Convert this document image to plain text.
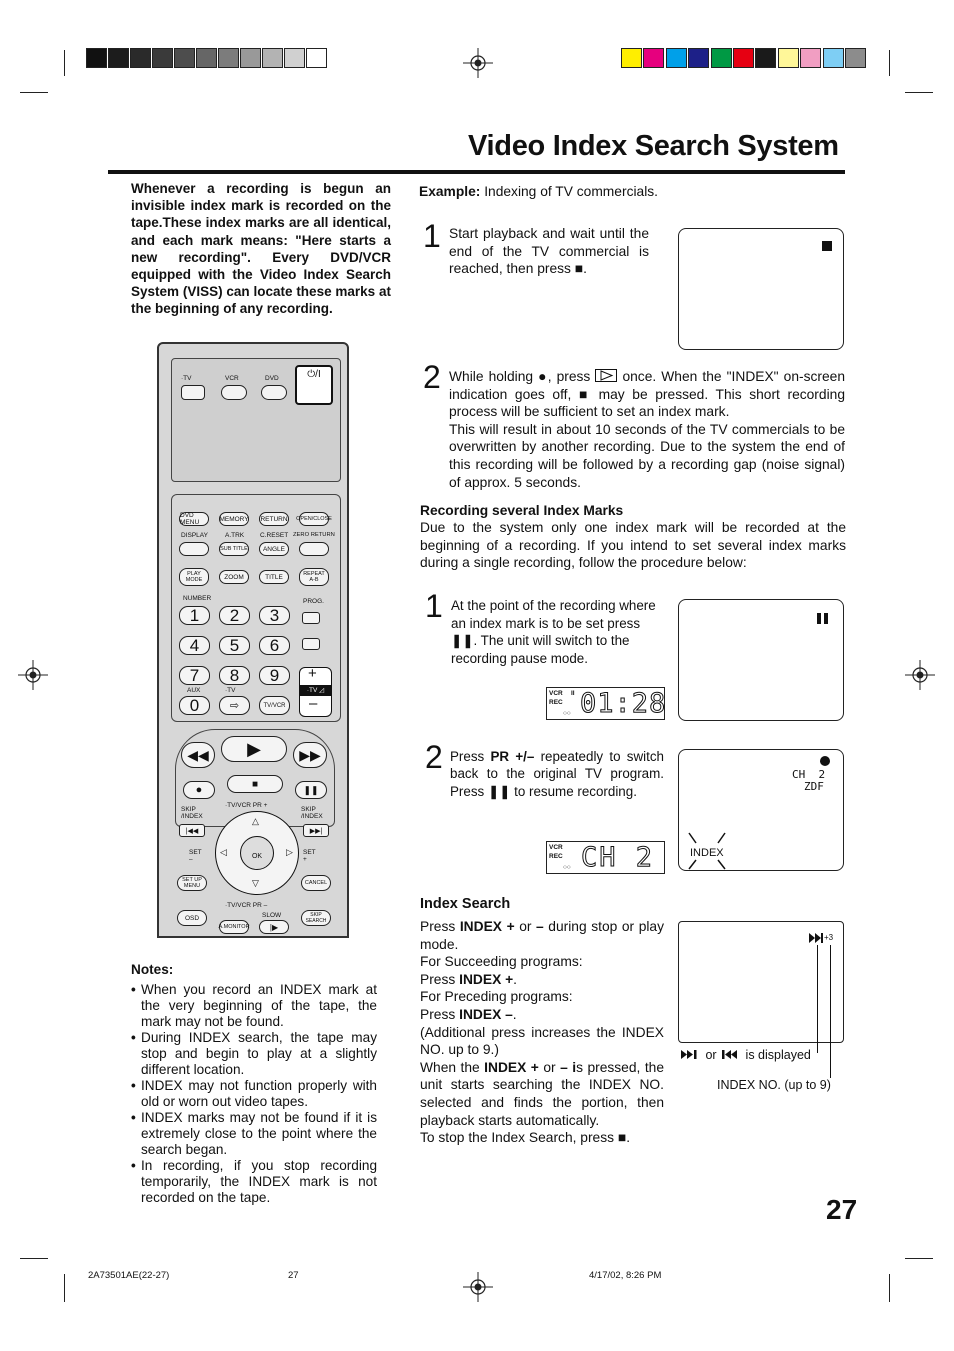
Video Index Search System
Whenever a recording is begun an invisible index mark is recorded on the tape.These index marks are all identical, and each mark means: "Here starts a new recording". Every DVD/VCR equipped with the Video Index Search System (VISS) can locate these marks at the beginning of any recording.
Example: Indexing of TV commercials.
1 Start playback and wait until the end of the TV commercial is reached, then press ■.
2 While holding ●, press  once. When the "INDEX" on-screen indication goes off, ■ may be pressed. This short recording process will be sufficient to set an index mark.
This will result in about 10 seconds of the TV commercials to be overwritten by another recording. Due to the system the end of this recording will be followed by a recording gap (noise signal) of approx. 5 seconds.
Recording several Index Marks
Due to the system only one index mark will be recorded at the beginning of a recording. If you intend to set several index marks during a single recording, follow the procedure below:
1 At the point of the recording where an index mark is to be set press ❚❚. The unit will switch to the recording pause mode.
VCR
REC
II
○○ 01:28
2 Press PR +/– repeatedly to switch back to the original TV program. Press ❚❚ to resume recording.
CH  2
ZDF
INDEX
VCR
REC
○○ CH 2
Index Search
Press INDEX + or – during stop or play mode.
For Succeeding programs:
Press INDEX +.
For Preceding programs:
Press INDEX –.
(Additional press increases the INDEX NO. up to 9.)
When the INDEX + or – is pressed, the unit starts searching the INDEX NO. selected and finds the portion, then playback starts automatically.
To stop the Index Search, press ■.
+3
or  is displayed
INDEX NO. (up to 9)
·TV	VCR	DVD	⏻/I
DVD MENU	MEMORY RETURN OPEN/CLOSE
DISPLAY	A.TRK C.RESET ZERO RETURN
SUB TITLE	ANGLE
PLAY MODE	ZOOM	TITLE	REPEAT A-B
NUMBER	PROG.
AUX	·TV
⇨	TV/VCR
+
·TV ◿
–
◀◀	▶	▶▶
●	■	❚❚
SKIP /INDEX
SKIP /INDEX
·TV/VCR PR +
|◀◀	▶▶|
△
▽
◁	▷
OK
SET –
SET +
SET UP MENU	CANCEL
·TV/VCR PR –
SLOW
OSD
A.MONITOR	|▶
SKIP SEARCH
1	2	3
4	5	6
7	8	9
0
Notes:
• When you record an INDEX mark at the very beginning of the tape, the mark may not be found.
• During INDEX search, the tape may stop and begin to play at a slightly different location.
• INDEX may not function properly with old or worn out video tapes.
• INDEX marks may not be found if it is extremely close to the point where the search began.
• In recording, if you stop recording temporarily, the INDEX mark is not recorded on the tape.	27
2A73501AE(22-27)	27	4/17/02, 8:26 PM
